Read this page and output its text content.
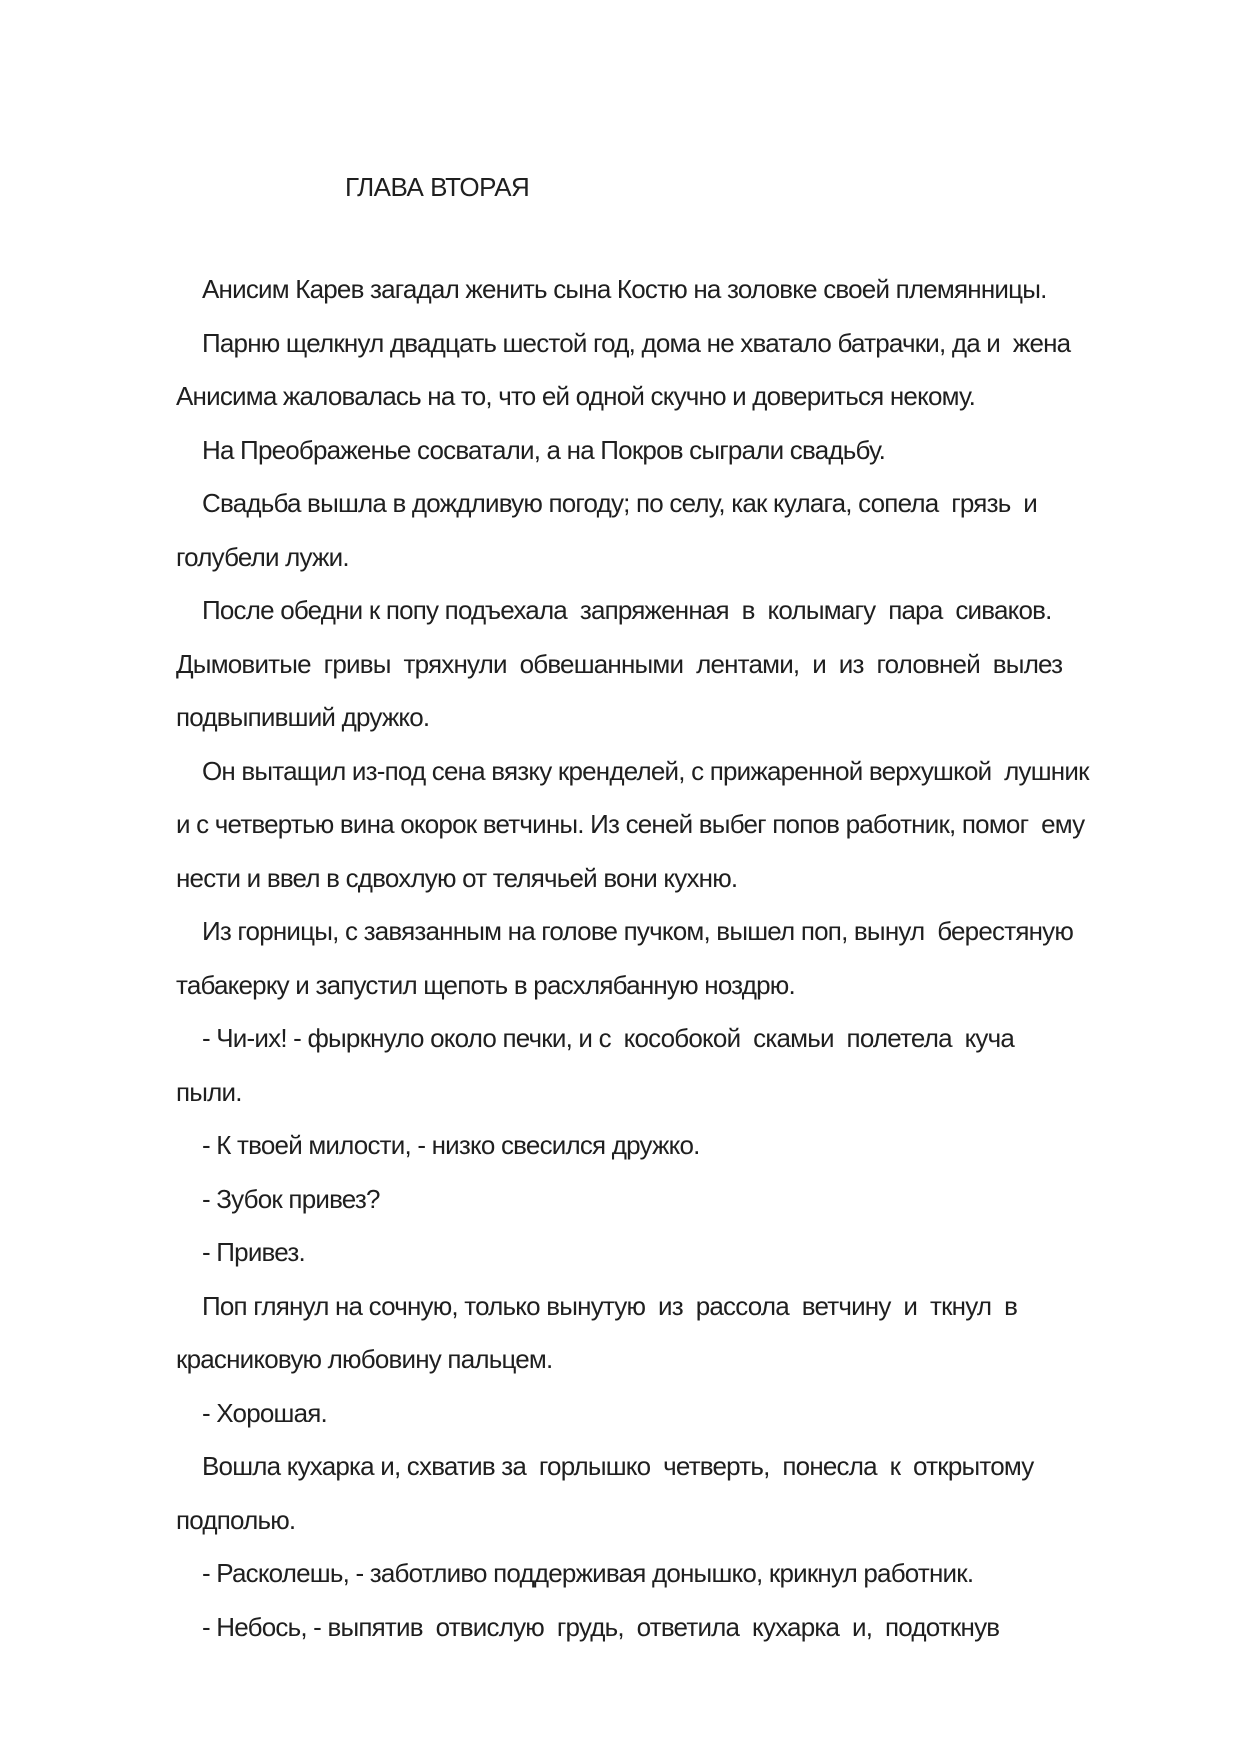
ГЛАВА ВТОРАЯ
Анисим Карев загадал женить сына Костю на золовке своей племянницы.
Парню щелкнул двадцать шестой год, дома не хватало батрачки, да и  жена
Анисима жаловалась на то, что ей одной скучно и довериться некому.
На Преображенье сосватали, а на Покров сыграли свадьбу.
Свадьба вышла в дождливую погоду; по селу, как кулага, сопела  грязь  и
голубели лужи.
После обедни к попу подъехала  запряженная  в  колымагу  пара  сиваков.
Дымовитые  гривы  тряхнули  обвешанными  лентами,  и  из  головней  вылез
подвыпивший дружко.
Он вытащил из-под сена вязку кренделей, с прижаренной верхушкой  лушник
и с четвертью вина окорок ветчины. Из сеней выбег попов работник, помог  ему
нести и ввел в сдвохлую от телячьей вони кухню.
Из горницы, с завязанным на голове пучком, вышел поп, вынул  берестяную
табакерку и запустил щепоть в расхлябанную ноздрю.
- Чи-их! - фыркнуло около печки, и с  кособокой  скамьи  полетела  куча
пыли.
- К твоей милости, - низко свесился дружко.
- Зубок привез?
- Привез.
Поп глянул на сочную, только вынутую  из  рассола  ветчину  и  ткнул  в
красниковую любовину пальцем.
- Хорошая.
Вошла кухарка и, схватив за  горлышко  четверть,  понесла  к  открытому
подполью.
- Расколешь, - заботливо поддерживая донышко, крикнул работник.
- Небось, - выпятив  отвислую  грудь,  ответила  кухарка  и,  подоткнув
